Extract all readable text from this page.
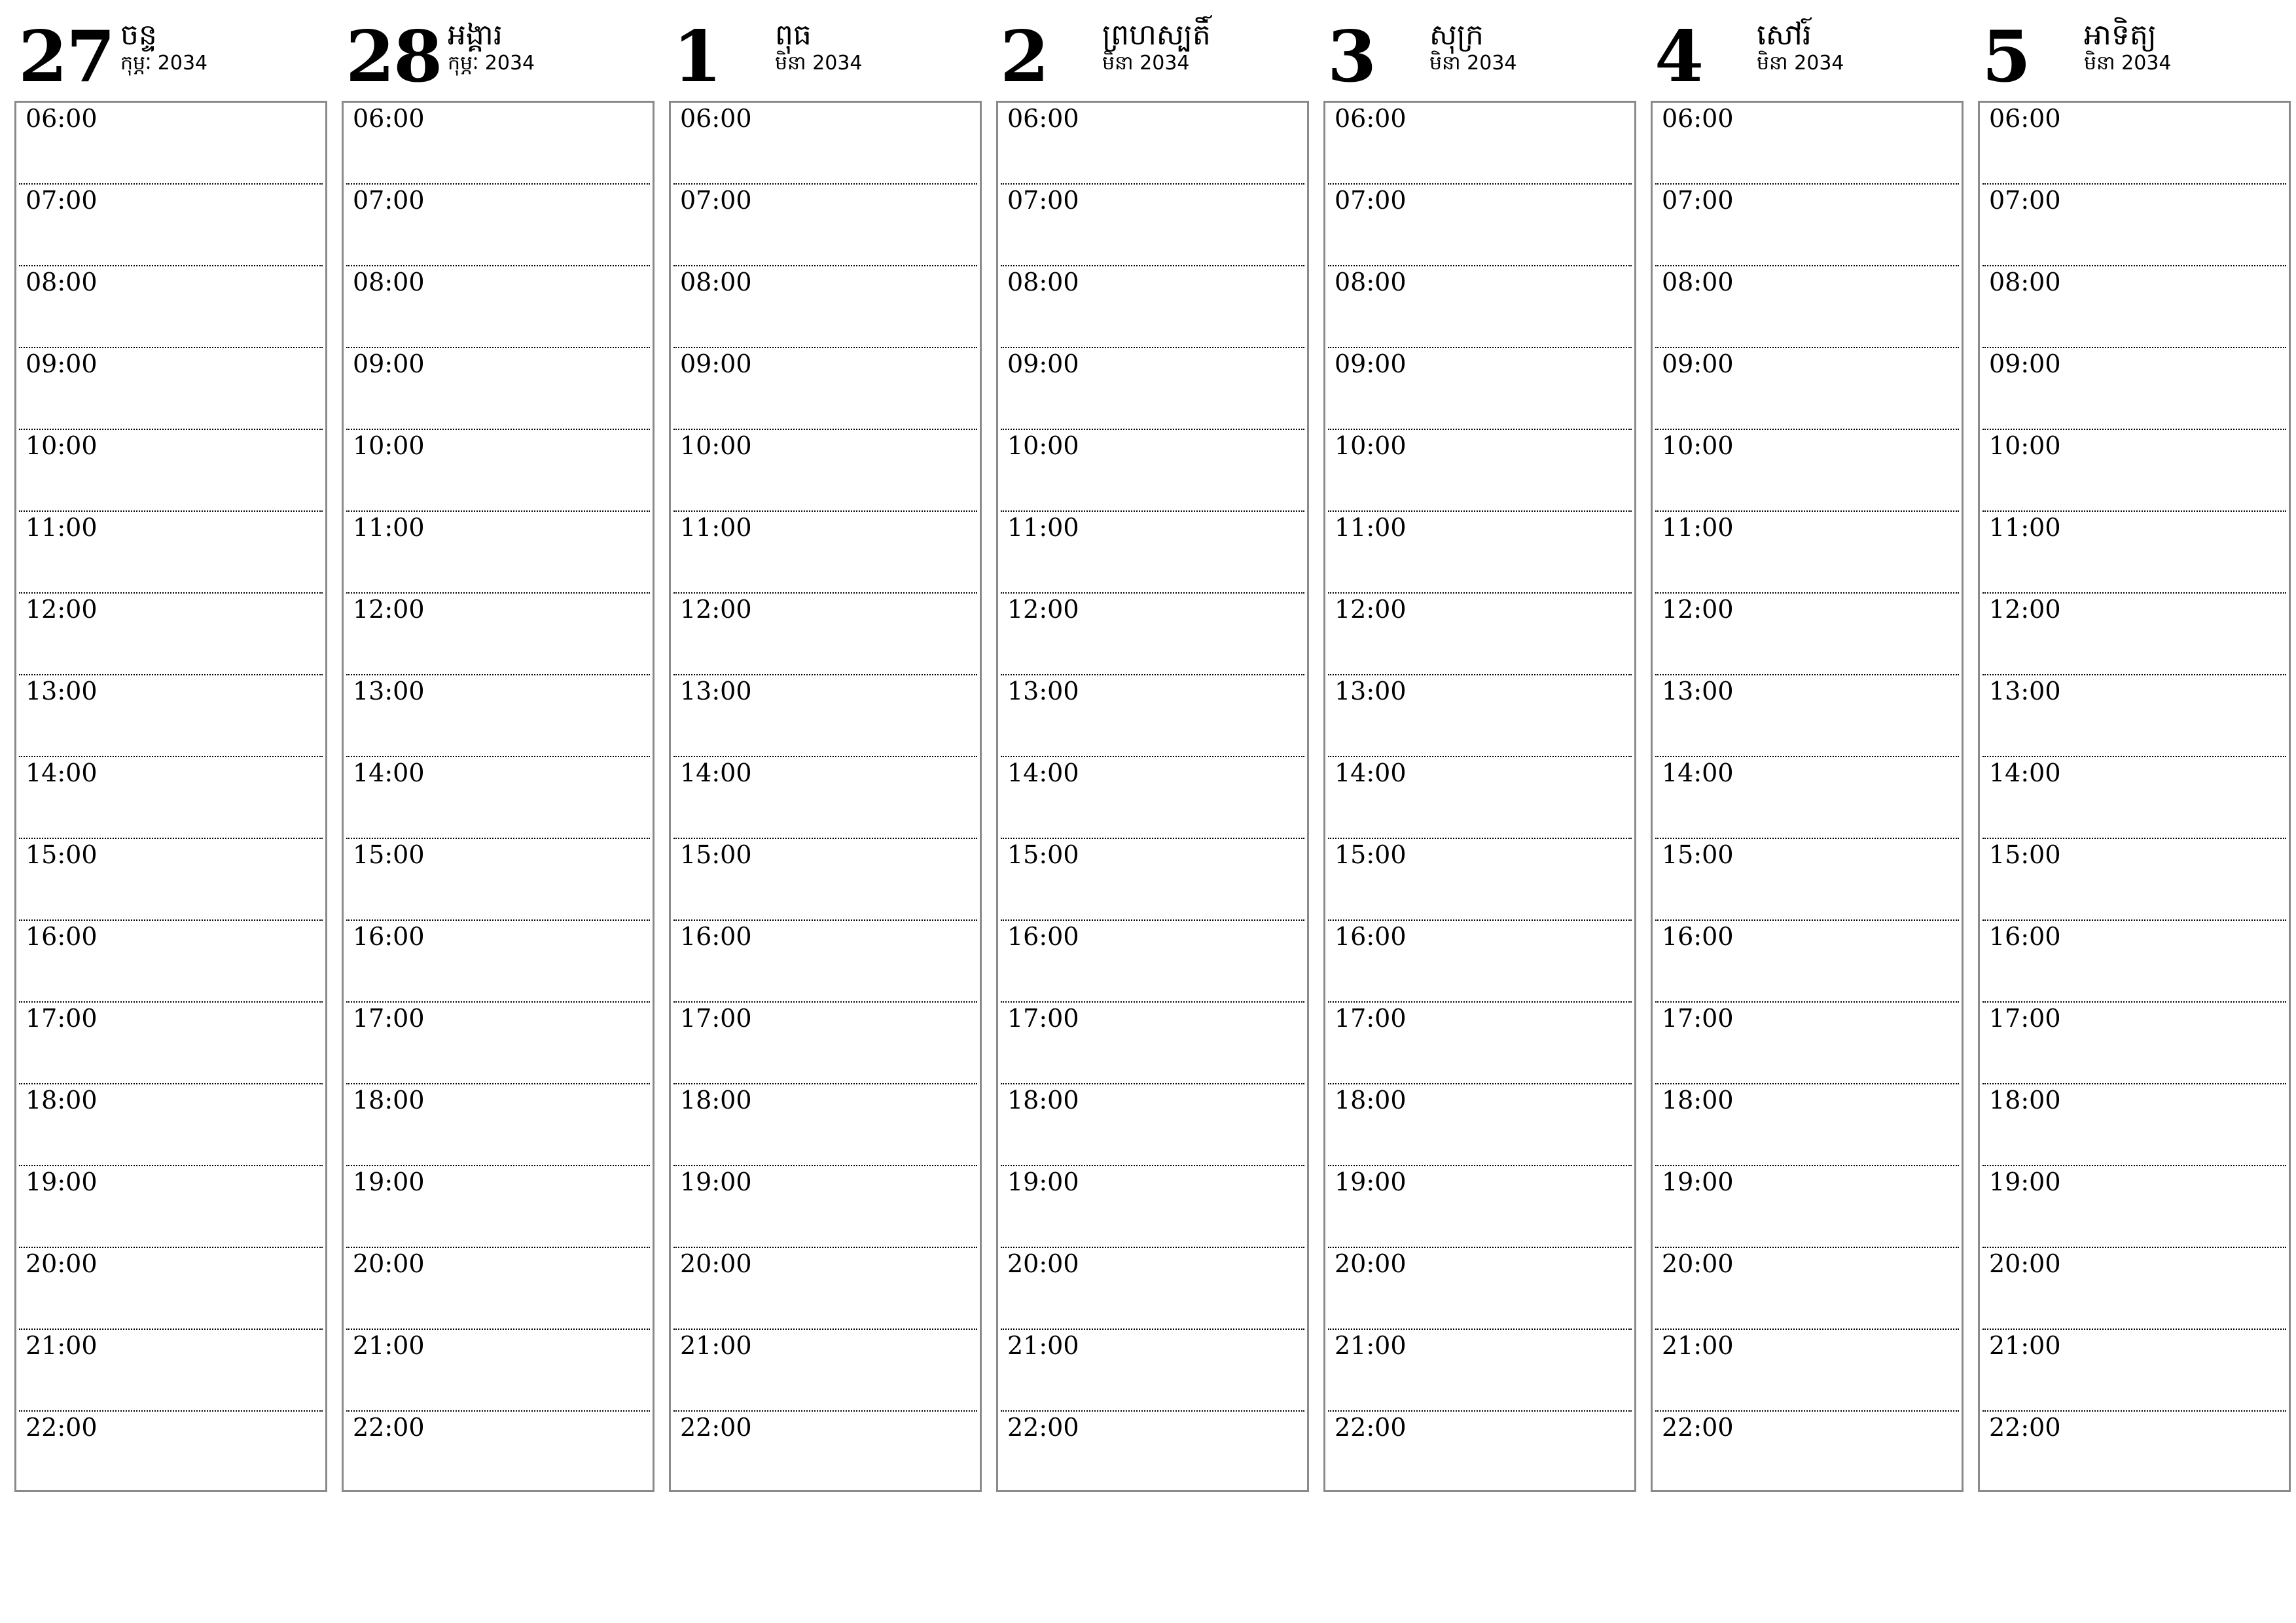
27 ចន្ទ
កុម្ភៈ 2034
06:00
07:00
08:00
09:00
10:00
11:00
12:00
13:00
14:00
15:00
16:00
17:00
18:00
19:00
20:00
21:00
22:00
28 អង្គារ
កុម្ភៈ 2034
06:00
07:00
08:00
09:00
10:00
11:00
12:00
13:00
14:00
15:00
16:00
17:00
18:00
19:00
20:00
21:00
22:00
1 ពុធ
មិនា 2034
06:00
07:00
08:00
09:00
10:00
11:00
12:00
13:00
14:00
15:00
16:00
17:00
18:00
19:00
20:00
21:00
22:00
2 ព្រហស្បតិ៍
មិនា 2034
06:00
07:00
08:00
09:00
10:00
11:00
12:00
13:00
14:00
15:00
16:00
17:00
18:00
19:00
20:00
21:00
22:00
3 សុក្រ
មិនា 2034
06:00
07:00
08:00
09:00
10:00
11:00
12:00
13:00
14:00
15:00
16:00
17:00
18:00
19:00
20:00
21:00
22:00
4 សៅរ៍
មិនា 2034
06:00
07:00
08:00
09:00
10:00
11:00
12:00
13:00
14:00
15:00
16:00
17:00
18:00
19:00
20:00
21:00
22:00
5 អាទិត្យ
មិនា 2034
06:00
07:00
08:00
09:00
10:00
11:00
12:00
13:00
14:00
15:00
16:00
17:00
18:00
19:00
20:00
21:00
22:00
